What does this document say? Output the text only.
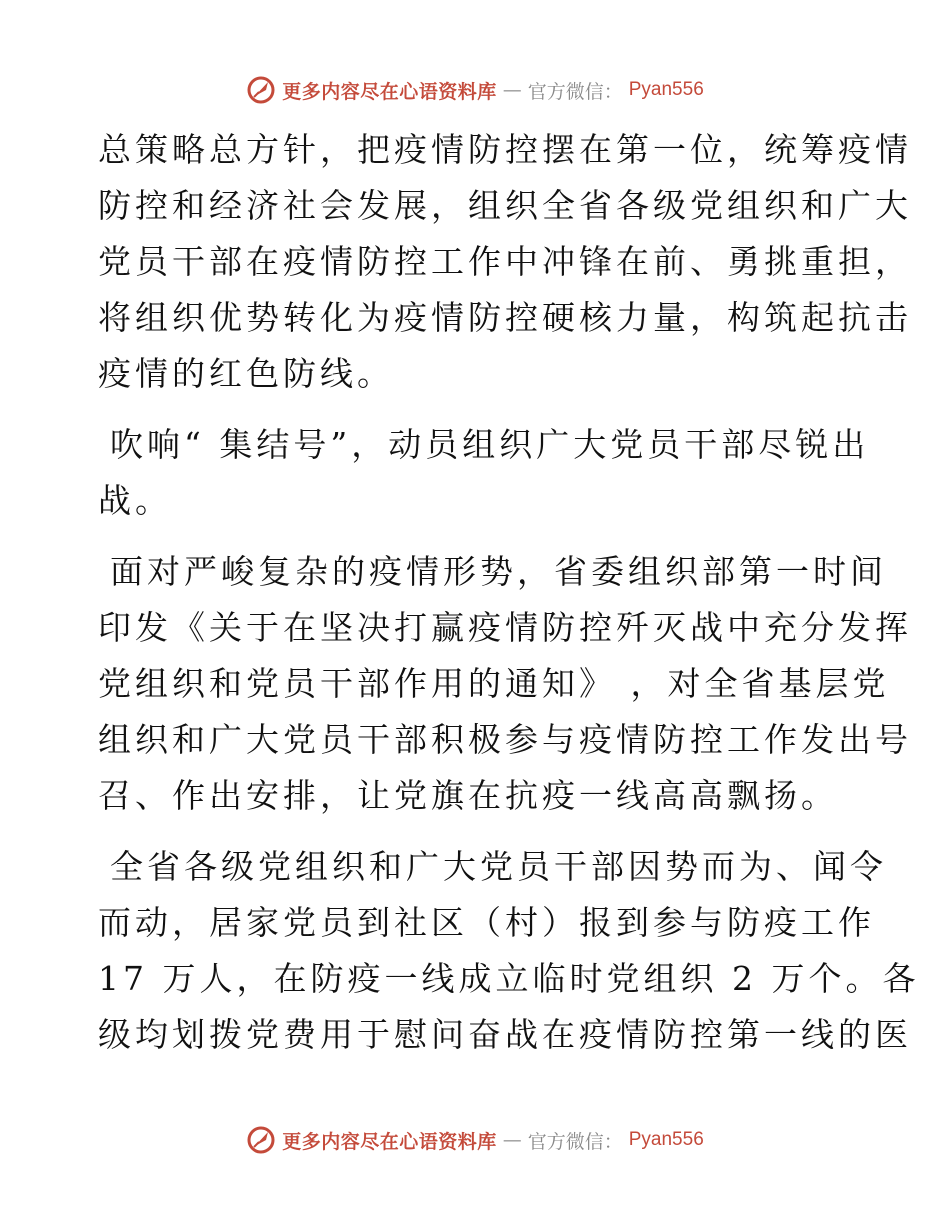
更多内容尽在心语资料库 — 官方微信： Pyan556

总策略总方针，把疫情防控摆在第一位，统筹疫情
防控和经济社会发展，组织全省各级党组织和广大
党员干部在疫情防控工作中冲锋在前、勇挑重担，
将组织优势转化为疫情防控硬核力量，构筑起抗击
疫情的红色防线。

吹响“ 集结号”，动员组织广大党员干部尽锐出
战。

面对严峻复杂的疫情形势，省委组织部第一时间
印发《关于在坚决打赢疫情防控歼灭战中充分发挥
党组织和党员干部作用的通知》 ，对全省基层党
组织和广大党员干部积极参与疫情防控工作发出号
召、作出安排，让党旗在抗疫一线高高飘扬。

全省各级党组织和广大党员干部因势而为、闻令
而动，居家党员到社区（村）报到参与防疫工作
17 万人，在防疫一线成立临时党组织 2 万个。各
级均划拨党费用于慰问奋战在疫情防控第一线的医

更多内容尽在心语资料库 — 官方微信： Pyan556
